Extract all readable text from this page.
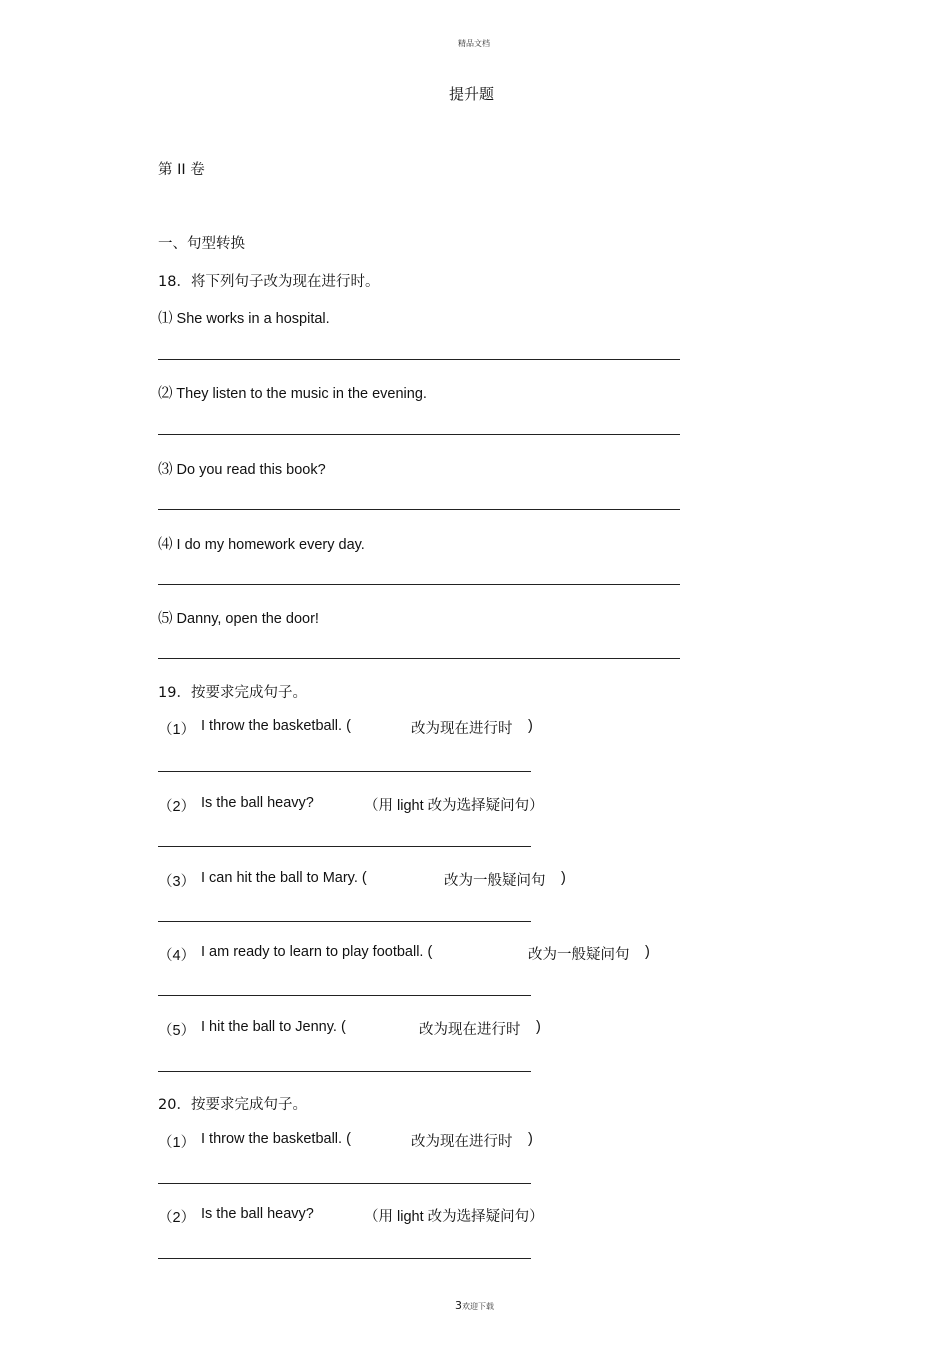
精品文档
提升题
第 II 卷
一、句型转换
18．将下列句子改为现在进行时。
⑴ She works in a hospital.
⑵ They listen to the music in the evening.
⑶ Do you read this book?
⑷ I do my homework every day.
⑸ Danny, open the door!
19．按要求完成句子。
（1） I throw the basketball. (	改为现在进行时 )
（2） Is the ball heavy?	（用 light 改为选择疑问句）
（3） I can hit the ball to Mary. (	改为一般疑问句 )
（4） I am ready to learn to play football. (	改为一般疑问句 )
（5） I hit the ball to Jenny. (	改为现在进行时 )
20．按要求完成句子。
（1） I throw the basketball. (	改为现在进行时 )
（2） Is the ball heavy?	（用 light 改为选择疑问句）
3欢迎下载
